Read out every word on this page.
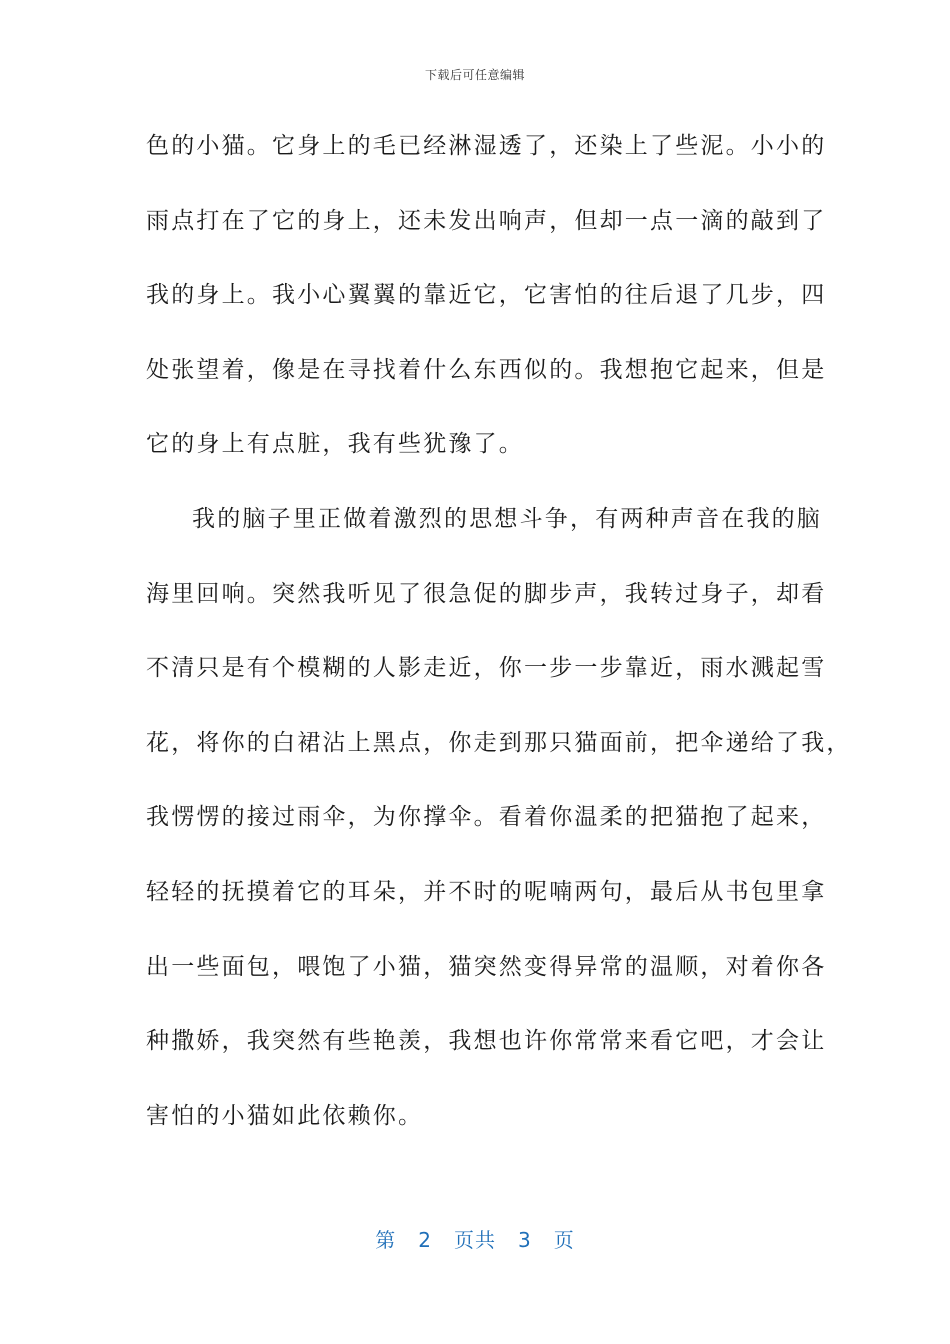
下载后可任意编辑
色的小猫。它身上的毛已经淋湿透了，还染上了些泥。小小的
雨点打在了它的身上，还未发出响声，但却一点一滴的敲到了
我的身上。我小心翼翼的靠近它，它害怕的往后退了几步，四
处张望着，像是在寻找着什么东西似的。我想抱它起来，但是
它的身上有点脏，我有些犹豫了。
我的脑子里正做着激烈的思想斗争，有两种声音在我的脑
海里回响。突然我听见了很急促的脚步声，我转过身子，却看
不清只是有个模糊的人影走近，你一步一步靠近，雨水溅起雪
花，将你的白裙沾上黑点，你走到那只猫面前，把伞递给了我，
我愣愣的接过雨伞，为你撑伞。看着你温柔的把猫抱了起来，
轻轻的抚摸着它的耳朵，并不时的呢喃两句，最后从书包里拿
出一些面包，喂饱了小猫，猫突然变得异常的温顺，对着你各
种撒娇，我突然有些艳羡，我想也许你常常来看它吧，才会让
害怕的小猫如此依赖你。
第 2 页共 3 页
